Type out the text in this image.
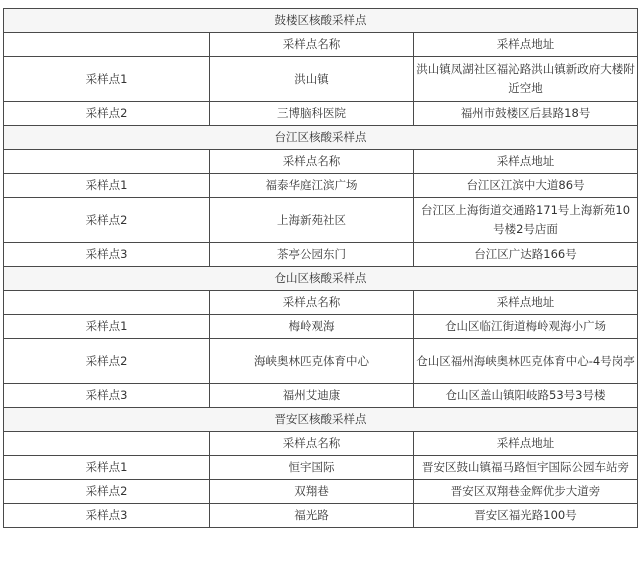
鼓楼区核酸采样点		
	采样点名称	采样点地址
采样点1	洪山镇	洪山镇凤湖社区福沁路洪山镇新政府大楼附近空地
采样点2	三博脑科医院	福州市鼓楼区后县路18号
台江区核酸采样点		
	采样点名称	采样点地址
采样点1	福泰华庭江滨广场	台江区江滨中大道86号
采样点2	上海新苑社区	台江区上海街道交通路171号上海新苑10号楼2号店面
采样点3	茶亭公园东门	台江区广达路166号
仓山区核酸采样点		
	采样点名称	采样点地址
采样点1	梅岭观海	仓山区临江街道梅岭观海小广场
采样点2	海峡奥林匹克体育中心	仓山区福州海峡奥林匹克体育中心-4号岗亭
采样点3	福州艾迪康	仓山区盖山镇阳岐路53号3号楼
晋安区核酸采样点		
	采样点名称	采样点地址
采样点1	恒宇国际	晋安区鼓山镇福马路恒宇国际公园车站旁
采样点2	双翔巷	晋安区双翔巷金辉优步大道旁
采样点3	福光路	晋安区福光路100号
